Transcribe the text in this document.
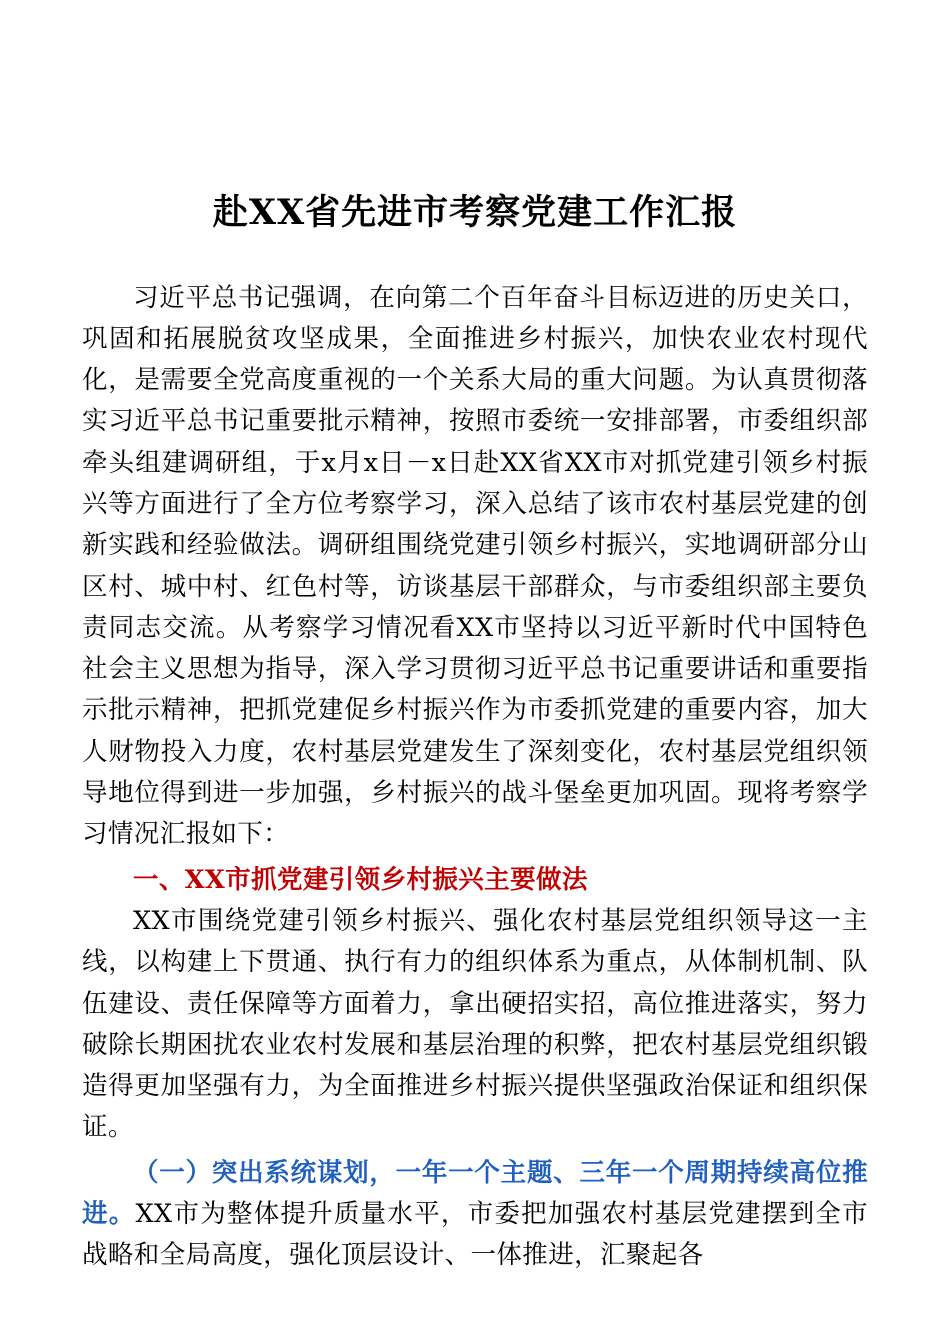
赴XX省先进市考察党建工作汇报

习近平总书记强调，在向第二个百年奋斗目标迈进的历史关口，巩固和拓展脱贫攻坚成果，全面推进乡村振兴，加快农业农村现代化，是需要全党高度重视的一个关系大局的重大问题。为认真贯彻落实习近平总书记重要批示精神，按照市委统一安排部署，市委组织部牵头组建调研组，于x月x日－x日赴XX省XX市对抓党建引领乡村振兴等方面进行了全方位考察学习，深入总结了该市农村基层党建的创新实践和经验做法。调研组围绕党建引领乡村振兴，实地调研部分山区村、城中村、红色村等，访谈基层干部群众，与市委组织部主要负责同志交流。从考察学习情况看XX市坚持以习近平新时代中国特色社会主义思想为指导，深入学习贯彻习近平总书记重要讲话和重要指示批示精神，把抓党建促乡村振兴作为市委抓党建的重要内容，加大人财物投入力度，农村基层党建发生了深刻变化，农村基层党组织领导地位得到进一步加强，乡村振兴的战斗堡垒更加巩固。现将考察学习情况汇报如下：

一、XX市抓党建引领乡村振兴主要做法

XX市围绕党建引领乡村振兴、强化农村基层党组织领导这一主线，以构建上下贯通、执行有力的组织体系为重点，从体制机制、队伍建设、责任保障等方面着力，拿出硬招实招，高位推进落实，努力破除长期困扰农业农村发展和基层治理的积弊，把农村基层党组织锻造得更加坚强有力，为全面推进乡村振兴提供坚强政治保证和组织保证。

（一）突出系统谋划，一年一个主题、三年一个周期持续高位推进。XX市为整体提升质量水平，市委把加强农村基层党建摆到全市战略和全局高度，强化顶层设计、一体推进，汇聚起各
